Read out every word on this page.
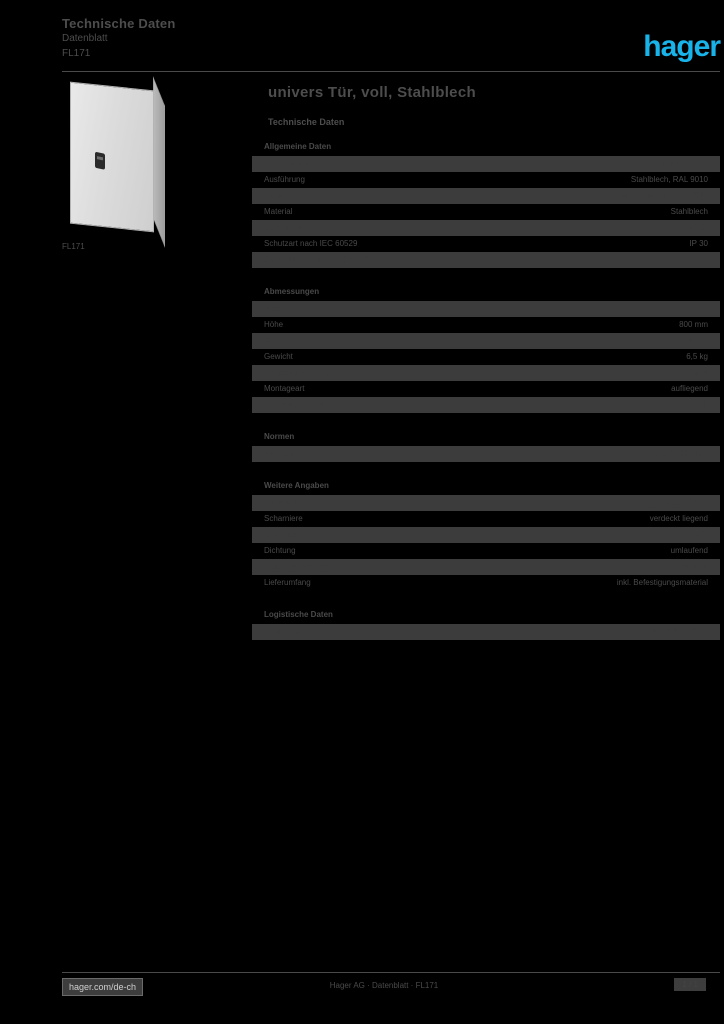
Technische Daten
Datenblatt
FL171	hager
FL171
univers Tür, voll, Stahlblech
Technische Daten
Allgemeine Daten	
Bezeichnung	univers Tür voll
Ausführung	Stahlblech, RAL 9010
Farbe	verkehrsweiss RAL 9010
Material	Stahlblech
Oberfläche	pulverbeschichtet
Schutzart nach IEC 60529	IP 30
Schutzklasse nach IEC 61140	I
Abmessungen	
Breite	550 mm
Höhe	800 mm
Tiefe	18 mm
Gewicht	6,5 kg
Verpackungseinheit	1 Stück
Montageart	aufliegend
Anschlagwechsel	möglich
Normen
Normen	IEC 61439-1/-2
Weitere Angaben	
Verschluss	Doppelbart 3 mm
Scharniere	verdeckt liegend
Öffnungswinkel	120°
Dichtung	umlaufend
Erdungsanschluss	vorhanden
Lieferumfang	inkl. Befestigungsmaterial
Logistische Daten
EAN Code	3250611710014
hager.com/de-ch	Hager AG · Datenblatt · FL171	1 / 1
